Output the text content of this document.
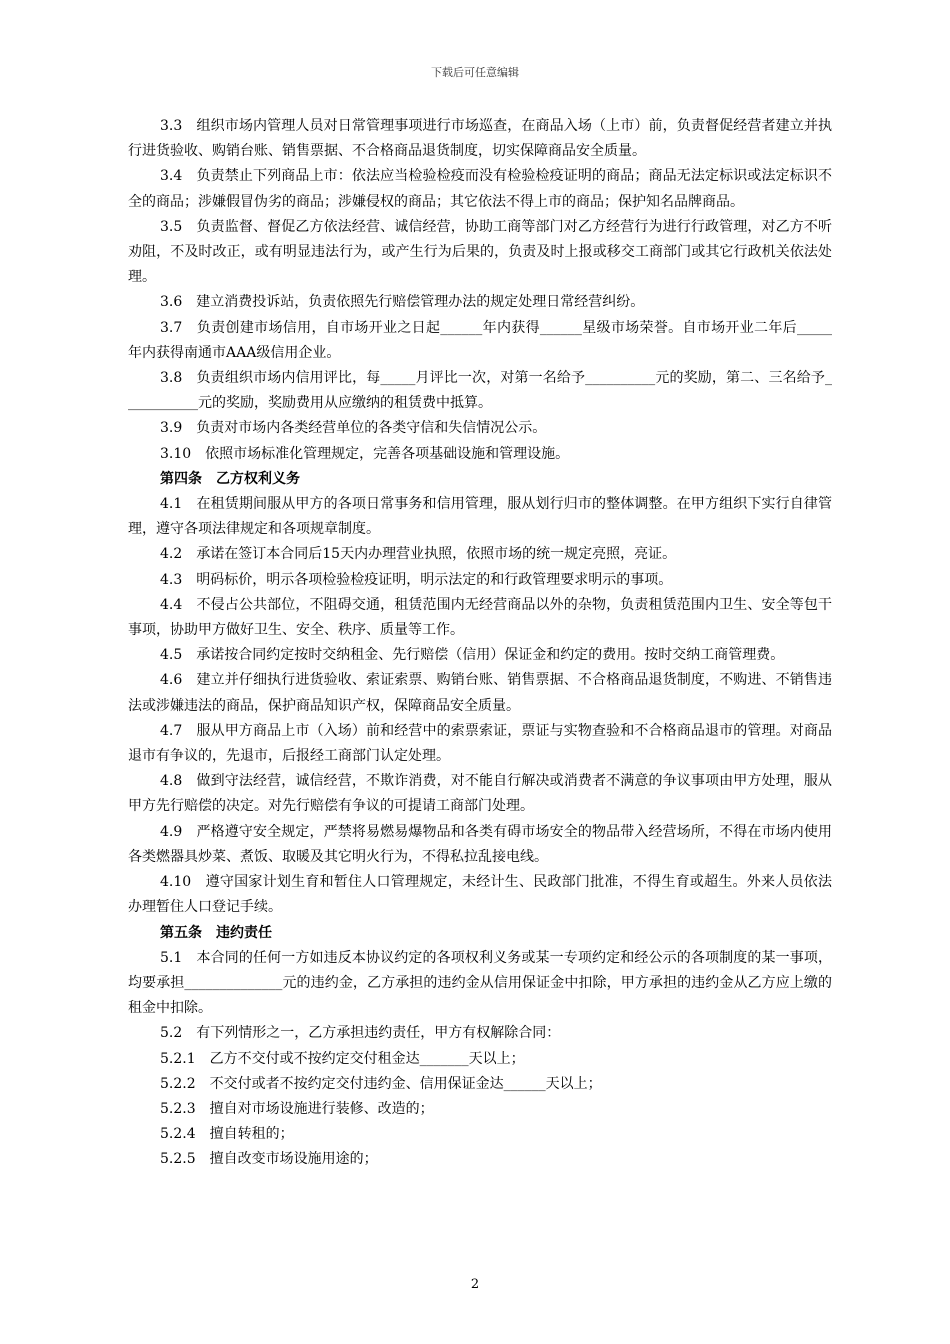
下载后可任意编辑

3.3　组织市场内管理人员对日常管理事项进行市场巡查，在商品入场（上市）前，负责督促经营者建立并执行进货验收、购销台账、销售票据、不合格商品退货制度，切实保障商品安全质量。

3.4　负责禁止下列商品上市：依法应当检验检疫而没有检验检疫证明的商品；商品无法定标识或法定标识不全的商品；涉嫌假冒伪劣的商品；涉嫌侵权的商品；其它依法不得上市的商品；保护知名品牌商品。

3.5　负责监督、督促乙方依法经营、诚信经营，协助工商等部门对乙方经营行为进行行政管理，对乙方不听劝阻，不及时改正，或有明显违法行为，或产生行为后果的，负责及时上报或移交工商部门或其它行政机关依法处理。

3.6　建立消费投诉站，负责依照先行赔偿管理办法的规定处理日常经营纠纷。

3.7　负责创建市场信用，自市场开业之日起______年内获得______星级市场荣誉。自市场开业二年后_____年内获得南通市AAA级信用企业。

3.8　负责组织市场内信用评比，每_____月评比一次，对第一名给予__________元的奖励，第二、三名给予___________元的奖励，奖励费用从应缴纳的租赁费中抵算。

3.9　负责对市场内各类经营单位的各类守信和失信情况公示。

3.10　依照市场标准化管理规定，完善各项基础设施和管理设施。

第四条　乙方权利义务

4.1　在租赁期间服从甲方的各项日常事务和信用管理，服从划行归市的整体调整。在甲方组织下实行自律管理，遵守各项法律规定和各项规章制度。

4.2　承诺在签订本合同后15天内办理营业执照，依照市场的统一规定亮照，亮证。

4.3　明码标价，明示各项检验检疫证明，明示法定的和行政管理要求明示的事项。

4.4　不侵占公共部位，不阻碍交通，租赁范围内无经营商品以外的杂物，负责租赁范围内卫生、安全等包干事项，协助甲方做好卫生、安全、秩序、质量等工作。

4.5　承诺按合同约定按时交纳租金、先行赔偿（信用）保证金和约定的费用。按时交纳工商管理费。

4.6　建立并仔细执行进货验收、索证索票、购销台账、销售票据、不合格商品退货制度，不购进、不销售违法或涉嫌违法的商品，保护商品知识产权，保障商品安全质量。

4.7　服从甲方商品上市（入场）前和经营中的索票索证，票证与实物查验和不合格商品退市的管理。对商品退市有争议的，先退市，后报经工商部门认定处理。

4.8　做到守法经营，诚信经营，不欺诈消费，对不能自行解决或消费者不满意的争议事项由甲方处理，服从甲方先行赔偿的决定。对先行赔偿有争议的可提请工商部门处理。

4.9　严格遵守安全规定，严禁将易燃易爆物品和各类有碍市场安全的物品带入经营场所，不得在市场内使用各类燃器具炒菜、煮饭、取暖及其它明火行为，不得私拉乱接电线。

4.10　遵守国家计划生育和暂住人口管理规定，未经计生、民政部门批准，不得生育或超生。外来人员依法办理暂住人口登记手续。

第五条　违约责任

5.1　本合同的任何一方如违反本协议约定的各项权利义务或某一专项约定和经公示的各项制度的某一事项，均要承担______________元的违约金，乙方承担的违约金从信用保证金中扣除，甲方承担的违约金从乙方应上缴的租金中扣除。

5.2　有下列情形之一，乙方承担违约责任，甲方有权解除合同：

5.2.1　乙方不交付或不按约定交付租金达_______天以上；

5.2.2　不交付或者不按约定交付违约金、信用保证金达______天以上；

5.2.3　擅自对市场设施进行装修、改造的；

5.2.4　擅自转租的；

5.2.5　擅自改变市场设施用途的；

2
